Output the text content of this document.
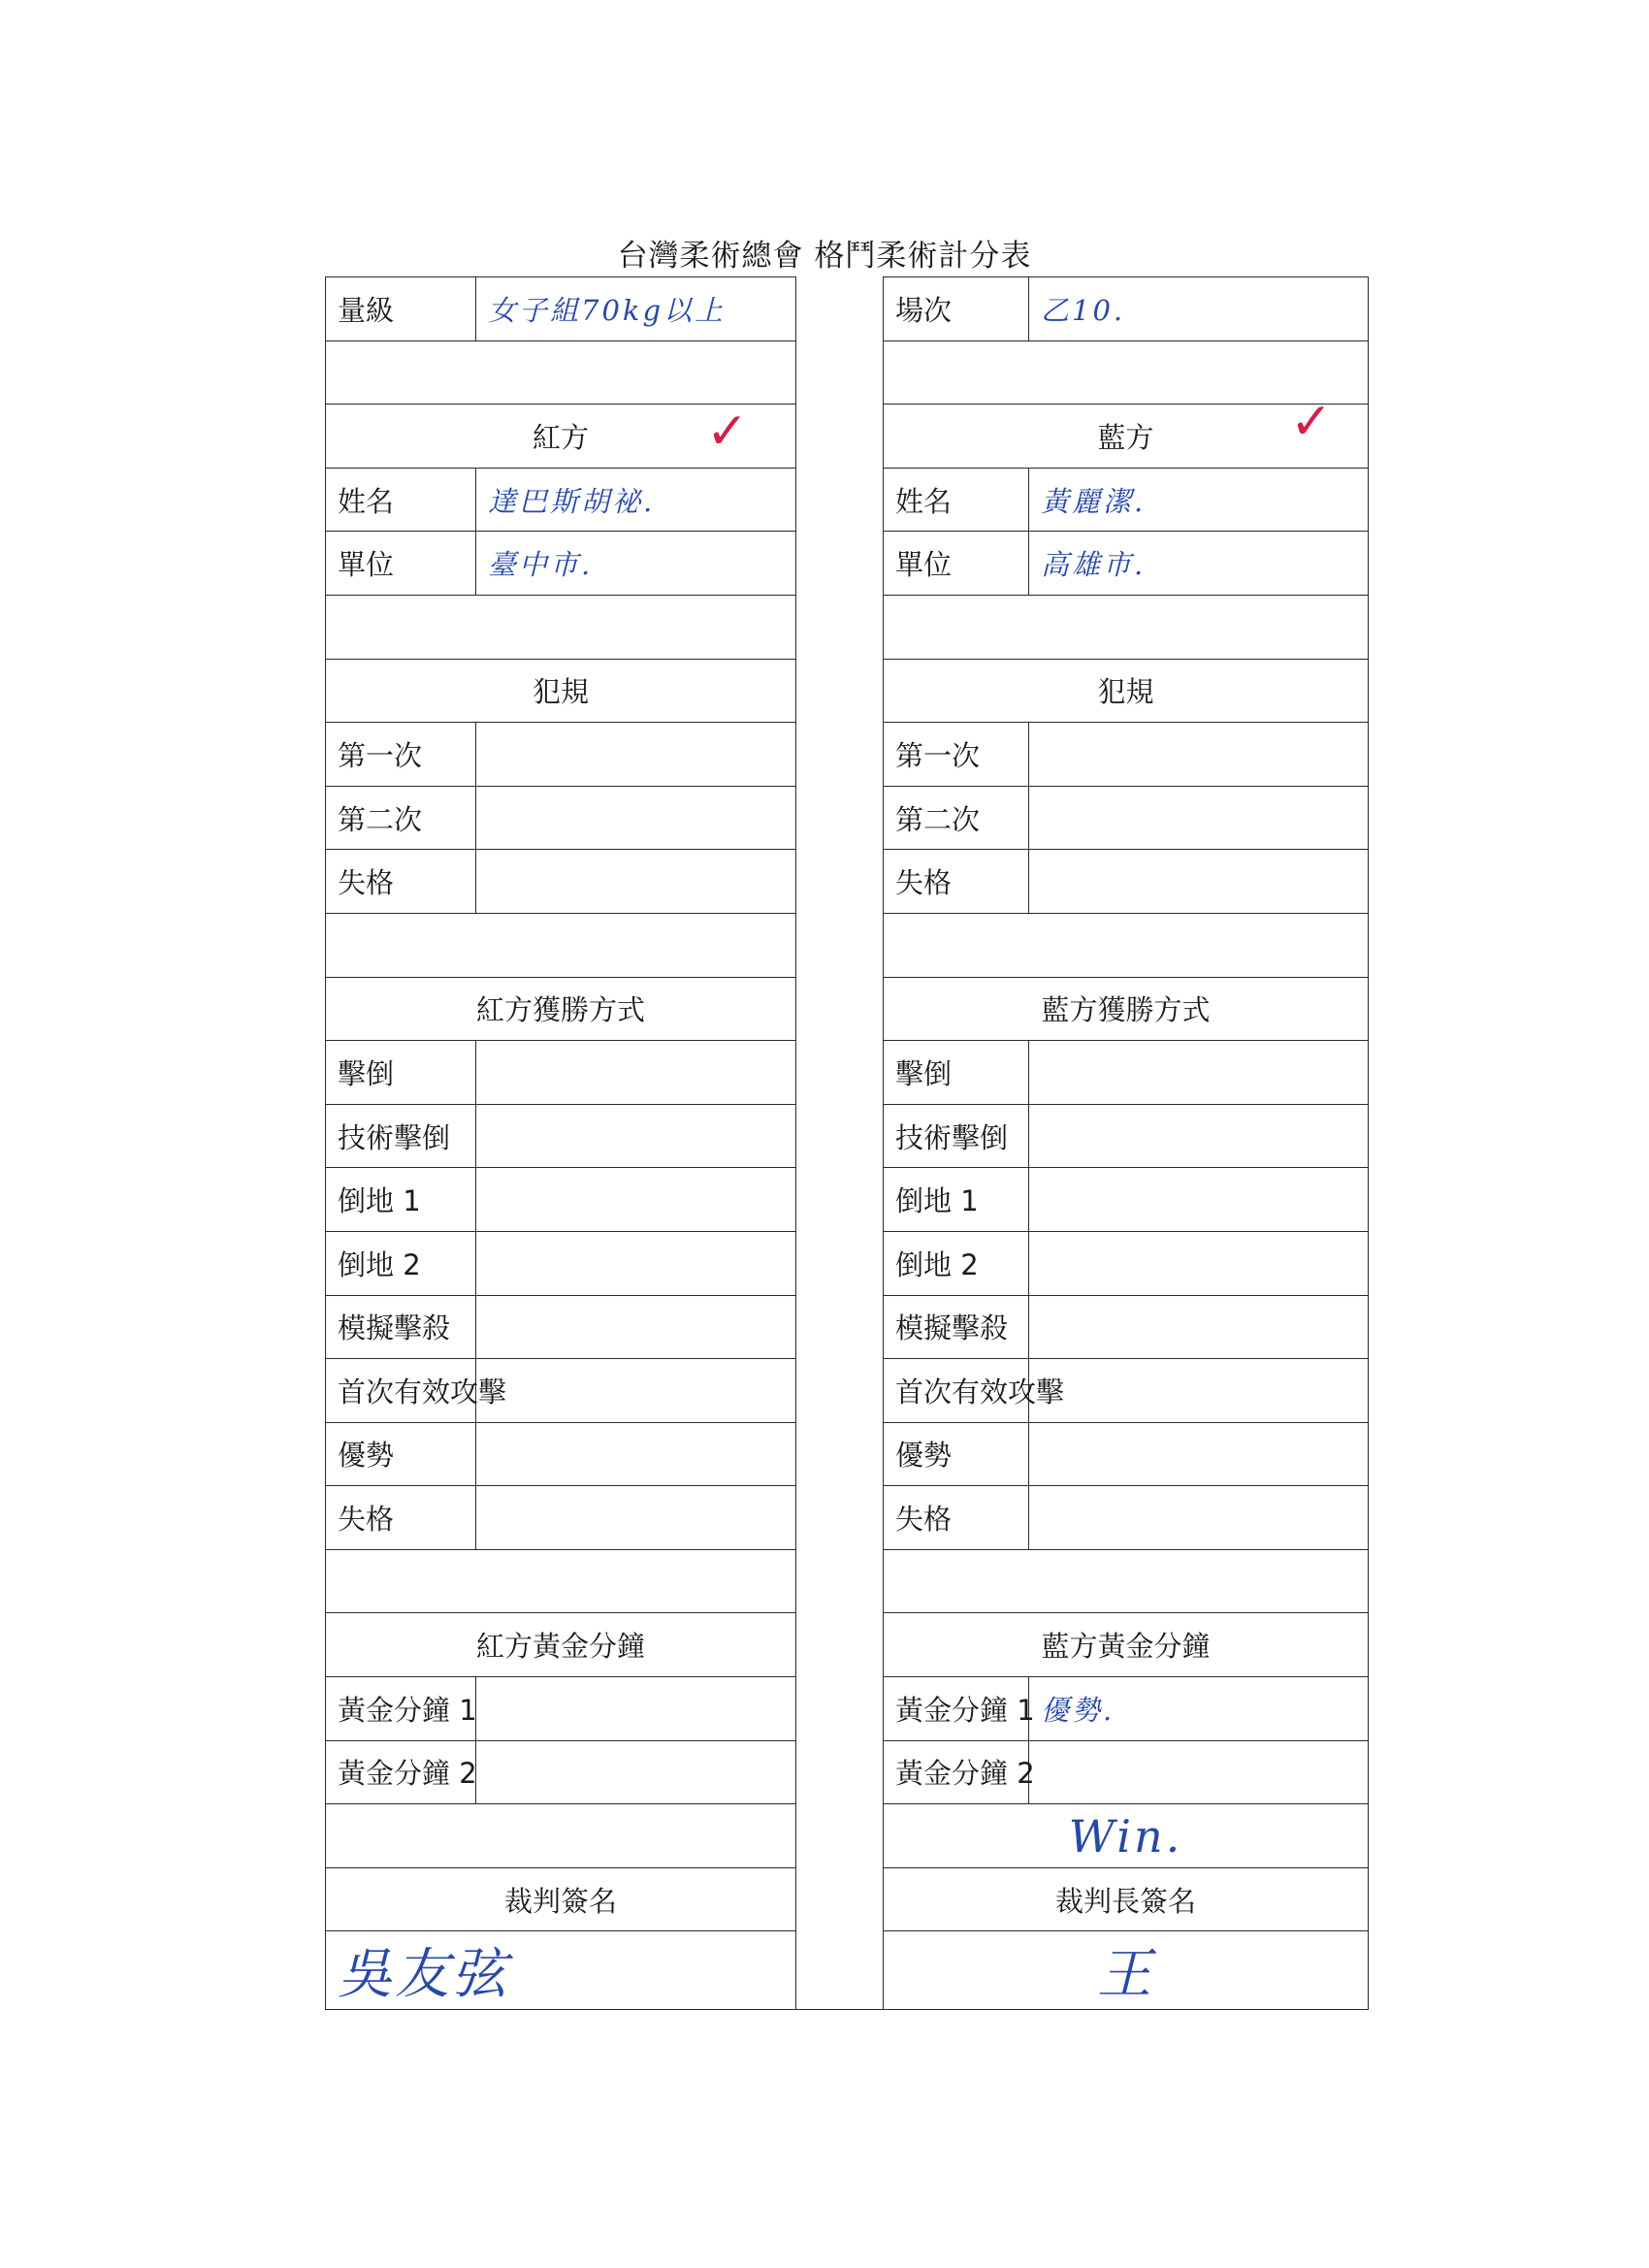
台灣柔術總會 格鬥柔術計分表
量級	女子組70kg以上		場次	乙10.

紅方			藍方	
姓名	達巴斯胡祕.		姓名	黃麗潔.
單位	臺中市.		單位	高雄市.

犯規			犯規	
第一次			第一次	
第二次			第二次	
失格			失格	

紅方獲勝方式			藍方獲勝方式	
擊倒			擊倒	
技術擊倒			技術擊倒	
倒地 1			倒地 1	
倒地 2			倒地 2	
模擬擊殺			模擬擊殺	
首次有效攻擊			首次有效攻擊	
優勢			優勢	
失格			失格	

紅方黃金分鐘			藍方黃金分鐘	
黃金分鐘 1			黃金分鐘 1	優勢.
黃金分鐘 2			黃金分鐘 2	
			Win.	
裁判簽名			裁判長簽名	
吳友弦			王	
✓	✓
